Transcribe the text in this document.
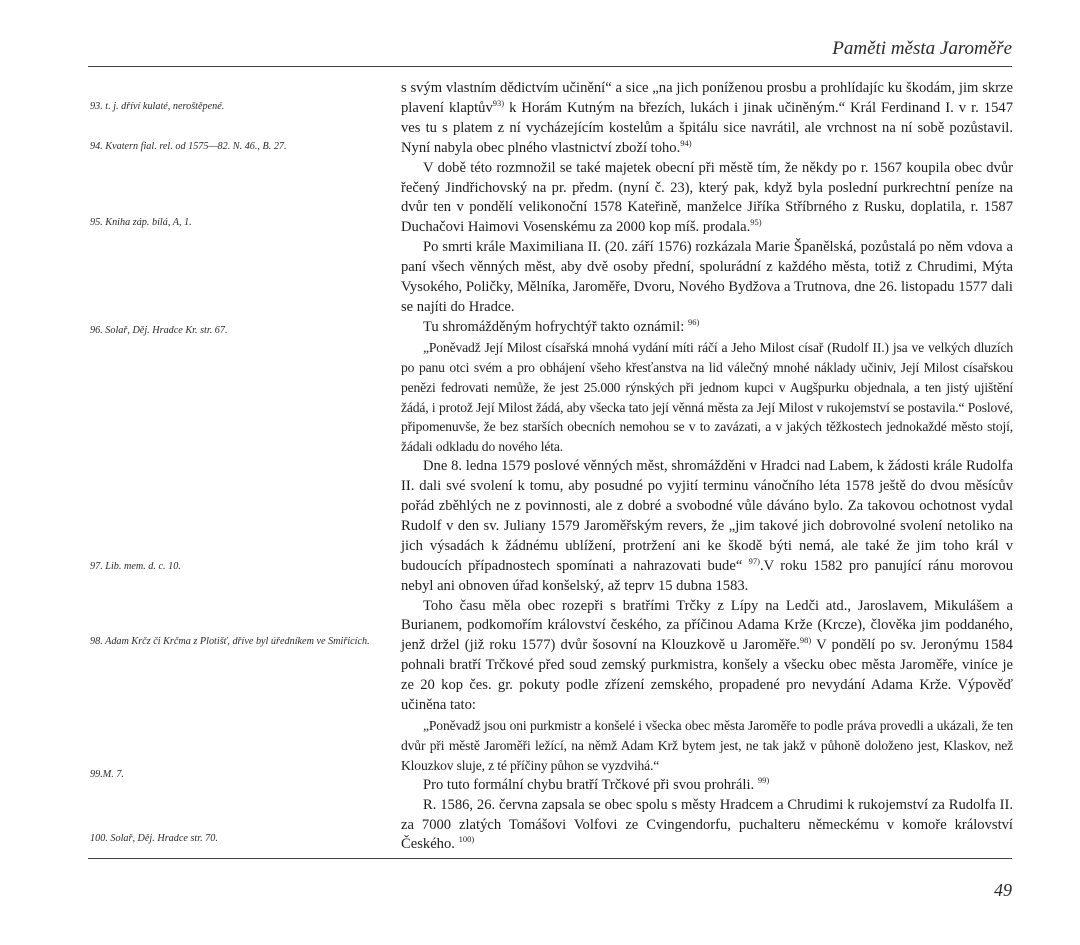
Paměti města Jaroměře
93. t. j. dříví kulaté, neroštěpené.
94. Kvatern fial. rel. od 1575—82. N. 46., B. 27.
95. Kniha záp. bílá, A, 1.
96. Solař, Děj. Hradce Kr. str. 67.
97. Lib. mem. d. c. 10.
98. Adam Krčz či Krčma z Plotišť, dříve byl úředníkem ve Smiřicích.
99.M. 7.
100. Solař, Děj. Hradce str. 70.

s svým vlastním dědictvím učinění“ a sice „na jich poníženou prosbu a prohlídajíc ku škodám, jim skrze plavení klaptův$^{93)}$ k Horám Kutným na březích, lukách i jinak učiněným.“ Král Ferdinand I. v r. 1547 ves tu s platem z ní vycházejícím kostelům a špitálu sice navrátil, ale vrchnost na ní sobě pozůstavil. Nyní nabyla obec plného vlastnictví zboží toho.$^{94)}$

V době této rozmnožil se také majetek obecní při městě tím, že někdy po r. 1567 koupila obec dvůr řečený Jindřichovský na pr. předm. (nyní č. 23), který pak, když byla poslední purkrechtní peníze na dvůr ten v pondělí velikonoční 1578 Kateřině, manželce Jiříka Stříbrného z Rusku, doplatila, r. 1587 Duchačovi Haimovi Vosenskému za 2000 kop míš. prodala.$^{95)}$

Po smrti krále Maximiliana II. (20. září 1576) rozkázala Marie Španělská, pozůstalá po něm vdova a paní všech věnných měst, aby dvě osoby přední, spolurádní z každého města, totiž z Chrudimi, Mýta Vysokého, Poličky, Mělníka, Jaroměře, Dvoru, Nového Bydžova a Trutnova, dne 26. listopadu 1577 dali se najíti do Hradce.

Tu shromážděným hofrychtýř takto oznámil: $^{96)}$

„Poněvadž Její Milost císařská mnohá vydání míti ráčí a Jeho Milost císař (Rudolf II.) jsa ve velkých dluzích po panu otci svém a pro obhájení všeho křesťanstva na lid válečný mnohé náklady učiniv, Její Milost císařskou penězi fedrovati nemůže, že jest 25.000 rýnských při jednom kupci v Augšpurku objednala, a ten jistý ujištění žádá, i protož Její Milost žádá, aby všecka tato její věnná města za Její Milost v rukojemství se postavila.“ Poslové, připomenuvše, že bez starších obecních nemohou se v to zavázati, a v jakých těžkostech jednokaždé město stojí, žádali odkladu do nového léta.

Dne 8. ledna 1579 poslové věnných měst, shromážděni v Hradci nad Labem, k žádosti krále Rudolfa II. dali své svolení k tomu, aby posudné po vyjití terminu vánočního léta 1578 ještě do dvou měsícův pořád zběhlých ne z povinnosti, ale z dobré a svobodné vůle dáváno bylo. Za takovou ochotnost vydal Rudolf v den sv. Juliany 1579 Jaroměřským revers, že „jim takové jich dobrovolné svolení netoliko na jich výsadách k žádnému ublížení, protržení ani ke škodě býti nemá, ale také že jim toho král v budoucích případnostech spomínati a nahrazovati bude“ $^{97)}$.V roku 1582 pro panující ránu morovou nebyl ani obnoven úřad konšelský, až teprv 15 dubna 1583.

Toho času měla obec rozepři s bratřími Trčky z Lípy na Ledči atd., Jaroslavem, Mikulášem a Burianem, podkomořím království českého, za příčinou Adama Krže (Krcze), člověka jim poddaného, jenž držel (již roku 1577) dvůr šosovní na Klouzkově u Jaroměře.$^{98)}$ V pondělí po sv. Jeronýmu 1584 pohnali bratří Trčkové před soud zemský purkmistra, konšely a všecku obec města Jaroměře, viníce je ze 20 kop čes. gr. pokuty podle zřízení zemského, propadené pro nevydání Adama Krže. Výpověď učiněna tato:

„Poněvadž jsou oni purkmistr a konšelé i všecka obec města Jaroměře to podle práva provedli a ukázali, že ten dvůr při městě Jaroměři ležící, na němž Adam Krž bytem jest, ne tak jakž v půhoně doloženo jest, Klaskov, než Klouzkov sluje, z té příčiny půhon se vyzdvihá.“

Pro tuto formální chybu bratří Trčkové při svou prohráli. $^{99)}$

R. 1586, 26. června zapsala se obec spolu s městy Hradcem a Chrudimi k rukojemství za Rudolfa II. za 7000 zlatých Tomášovi Volfovi ze Cvingendorfu, puchalteru německému v komoře království Českého. $^{100)}$

49
